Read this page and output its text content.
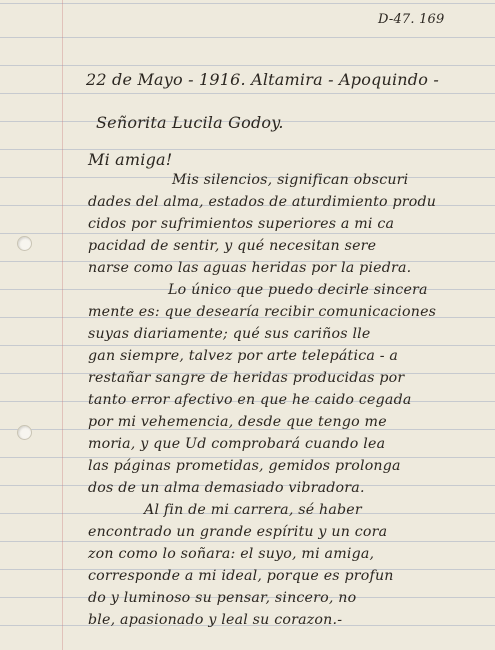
D-47. 169
22 de Mayo - 1916. Altamira - Apoquindo -
Señorita Lucila Godoy.
Mi amiga!
Mis silencios, significan obscuri
dades del alma, estados de aturdimiento produ
cidos por sufrimientos superiores a mi ca
pacidad de sentir, y qué necesitan sere
narse como las aguas heridas por la piedra.
Lo único que puedo decirle sincera
mente es: que desearía recibir comunicaciones
suyas diariamente; qué sus cariños lle
gan siempre, talvez por arte telepática - a
restañar sangre de heridas producidas por
tanto error afectivo en que he caido cegada
por mi vehemencia, desde que tengo me
moria, y que Ud comprobará cuando lea
las páginas prometidas, gemidos prolonga
dos de un alma demasiado vibradora.
Al fin de mi carrera, sé haber
encontrado un grande espíritu y un cora
zon como lo soñara: el suyo, mi amiga,
corresponde a mi ideal, porque es profun
do y luminoso su pensar, sincero, no
ble, apasionado y leal su corazon.-
